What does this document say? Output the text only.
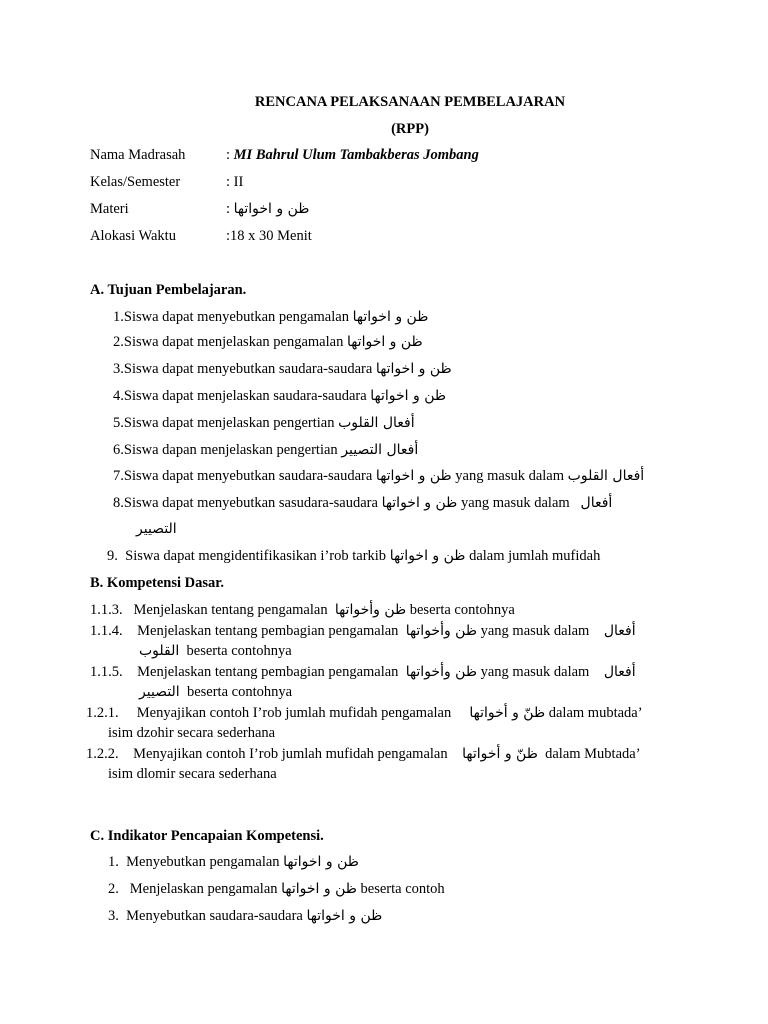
RENCANA PELAKSANAAN PEMBELAJARAN
(RPP)
Nama Madrasah	: MI Bahrul Ulum Tambakberas Jombang
Kelas/Semester	: II
Materi	: ظن و اخواتها
Alokasi Waktu	:18 x 30 Menit
A. Tujuan Pembelajaran.
1.Siswa dapat menyebutkan pengamalan ظن و اخواتها
2.Siswa dapat menjelaskan pengamalan ظن و اخواتها
3.Siswa dapat menyebutkan saudara-saudara ظن و اخواتها
4.Siswa dapat menjelaskan saudara-saudara ظن و اخواتها
5.Siswa dapat menjelaskan pengertian أفعال القلوب
6.Siswa dapan menjelaskan pengertian أفعال التصيير
7.Siswa dapat menyebutkan saudara-saudara ظن و اخواتها yang masuk dalam أفعال القلوب
8.Siswa dapat menyebutkan sasudara-saudara ظن و اخواتها yang masuk dalam أفعال
التصيير
9. Siswa dapat mengidentifikasikan i’rob tarkib ظن و اخواتها dalam jumlah mufidah
B. Kompetensi Dasar.
1.1.3. Menjelaskan tentang pengamalan ظن وأخواتها beserta contohnya
1.1.4. Menjelaskan tentang pembagian pengamalan ظن وأخواتها yang masuk dalam أفعال
القلوب beserta contohnya
1.1.5. Menjelaskan tentang pembagian pengamalan ظن وأخواتها yang masuk dalam أفعال
التصيير beserta contohnya
1.2.1. Menyajikan contoh I’rob jumlah mufidah pengamalan ظنّ و أخواتها dalam mubtada’
isim dzohir secara sederhana
1.2.2. Menyajikan contoh I’rob jumlah mufidah pengamalan ظنّ و أخواتها dalam Mubtada’
isim dlomir secara sederhana
C. Indikator Pencapaian Kompetensi.
1. Menyebutkan pengamalan ظن و اخواتها
2. Menjelaskan pengamalan ظن و اخواتها beserta contoh
3. Menyebutkan saudara-saudara ظن و اخواتها
